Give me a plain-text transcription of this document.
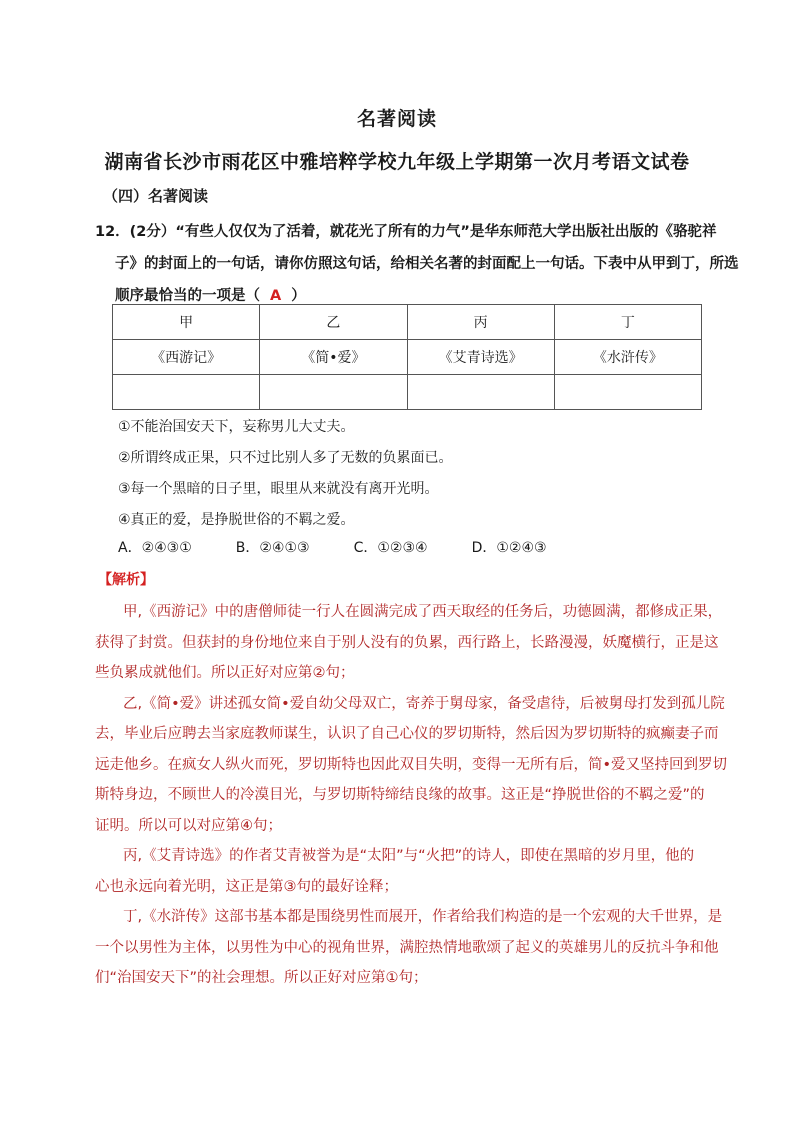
名著阅读
湖南省长沙市雨花区中雅培粹学校九年级上学期第一次月考语文试卷
（四）名著阅读
12．(2分）“有些人仅仅为了活着，就花光了所有的力气”是华东师范大学出版社出版的《骆驼祥
子》的封面上的一句话，请你仿照这句话，给相关名著的封面配上一句话。下表中从甲到丁，所选
顺序最恰当的一项是（ A ）
甲	乙	丙	丁
《西游记》	《简•爱》	《艾青诗选》	《水浒传》

①不能治国安天下，妄称男儿大丈夫。
②所谓终成正果，只不过比别人多了无数的负累面已。
③每一个黑暗的日子里，眼里从来就没有离开光明。
④真正的爱，是挣脱世俗的不羁之爱。
A．②④③①	B．②④①③	C．①②③④	D．①②④③
【解析】

甲,《西游记》中的唐僧师徒一行人在圆满完成了西天取经的任务后，功德圆满，都修成正果，
获得了封赏。但获封的身份地位来自于别人没有的负累，西行路上，长路漫漫，妖魔横行，正是这
些负累成就他们。所以正好对应第②句；

乙,《简•爱》讲述孤女简•爱自幼父母双亡，寄养于舅母家，备受虐待，后被舅母打发到孤儿院
去，毕业后应聘去当家庭教师谋生，认识了自己心仪的罗切斯特，然后因为罗切斯特的疯癫妻子而
远走他乡。在疯女人纵火而死，罗切斯特也因此双目失明，变得一无所有后，简•爱又坚持回到罗切
斯特身边，不顾世人的冷漠目光，与罗切斯特缔结良缘的故事。这正是“挣脱世俗的不羁之爱”的
证明。所以可以对应第④句；

丙,《艾青诗选》的作者艾青被誉为是“太阳”与“火把”的诗人，即使在黑暗的岁月里，他的
心也永远向着光明，这正是第③句的最好诠释；

丁,《水浒传》这部书基本都是围绕男性而展开，作者给我们构造的是一个宏观的大千世界，是
一个以男性为主体，以男性为中心的视角世界，满腔热情地歌颂了起义的英雄男儿的反抗斗争和他
们“治国安天下”的社会理想。所以正好对应第①句；
